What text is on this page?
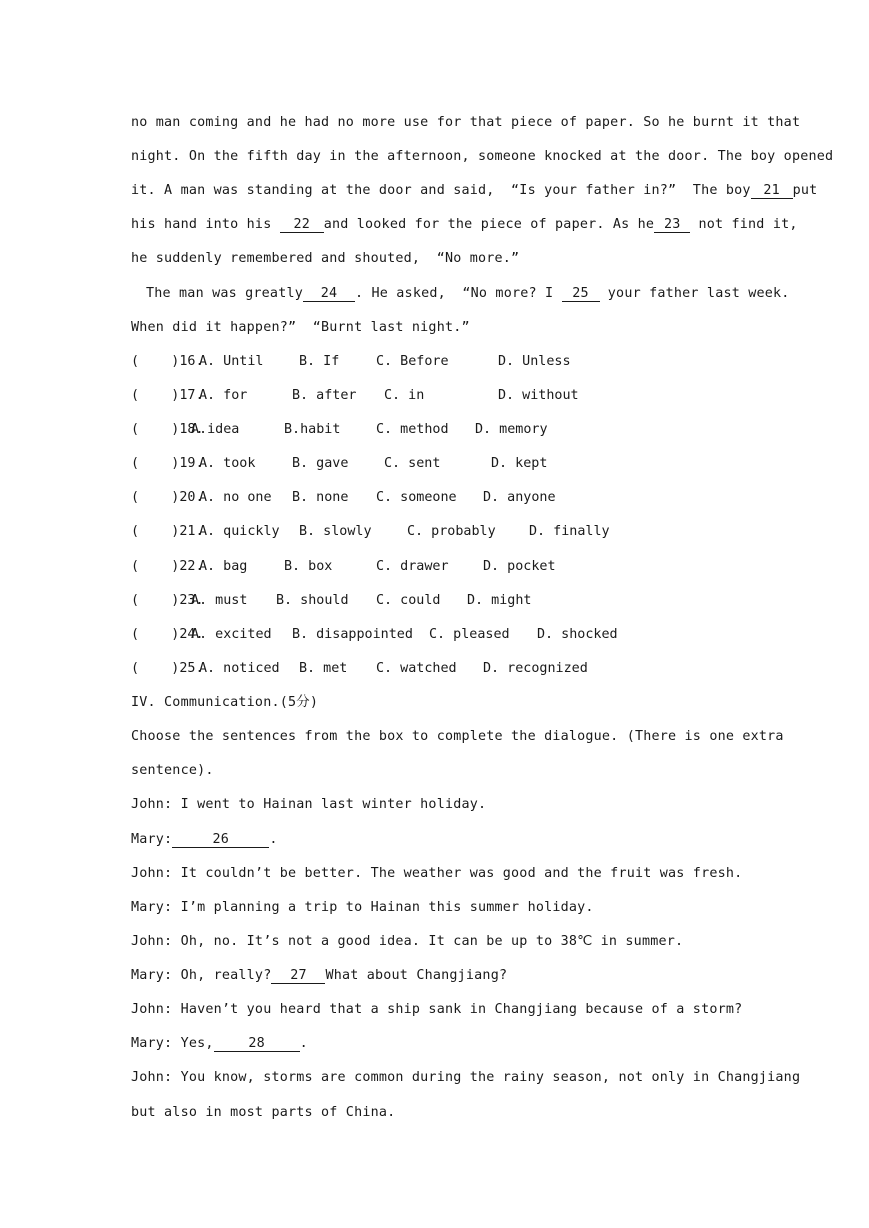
no man coming and he had no more use for that piece of paper. So he burnt it that
night. On the fifth day in the afternoon, someone knocked at the door. The boy opened
it. A man was standing at the door and said,  “Is your father in?”  The boy 21 put
his hand into his 22 and looked for the piece of paper. As he 23 not find it,
he suddenly remembered and shouted,  “No more.”
The man was greatly 24 . He asked,  “No more? I 25 your father last week.
When did it happen?”  “Burnt last night.”
(    )16.
A. Until	B. If	C. Before	D. Unless
(    )17.
A. for	B. after C. in	D. without
(    )18.
A.idea	B.habit	C. method D. memory
(    )19.
A. took	B. gave	C. sent	D. kept
(    )20.
A. no one B. none C. someone D. anyone
(    )21.
A. quickly B. slowly	C. probably D. finally
(    )22.
A. bag	B. box	C. drawer	D. pocket
(    )23.
A. must B. should C. could D. might
(    )24.
A. excited B. disappointed C. pleased D. shocked
(    )25.
A. noticed B. met C. watched D. recognized
IV. Communication.(5分)
Choose the sentences from the box to complete the dialogue. (There is one extra
sentence).
John: I went to Hainan last winter holiday.
Mary:	26	.
John: It couldn’t be better. The weather was good and the fruit was fresh.
Mary: I’m planning a trip to Hainan this summer holiday.
John: Oh, no. It’s not a good idea. It can be up to 38℃ in summer.
Mary: Oh, really? 27 What about Changjiang?
John: Haven’t you heard that a ship sank in Changjiang because of a storm?
Mary: Yes,	28	.
John: You know, storms are common during the rainy season, not only in Changjiang
but also in most parts of China.
